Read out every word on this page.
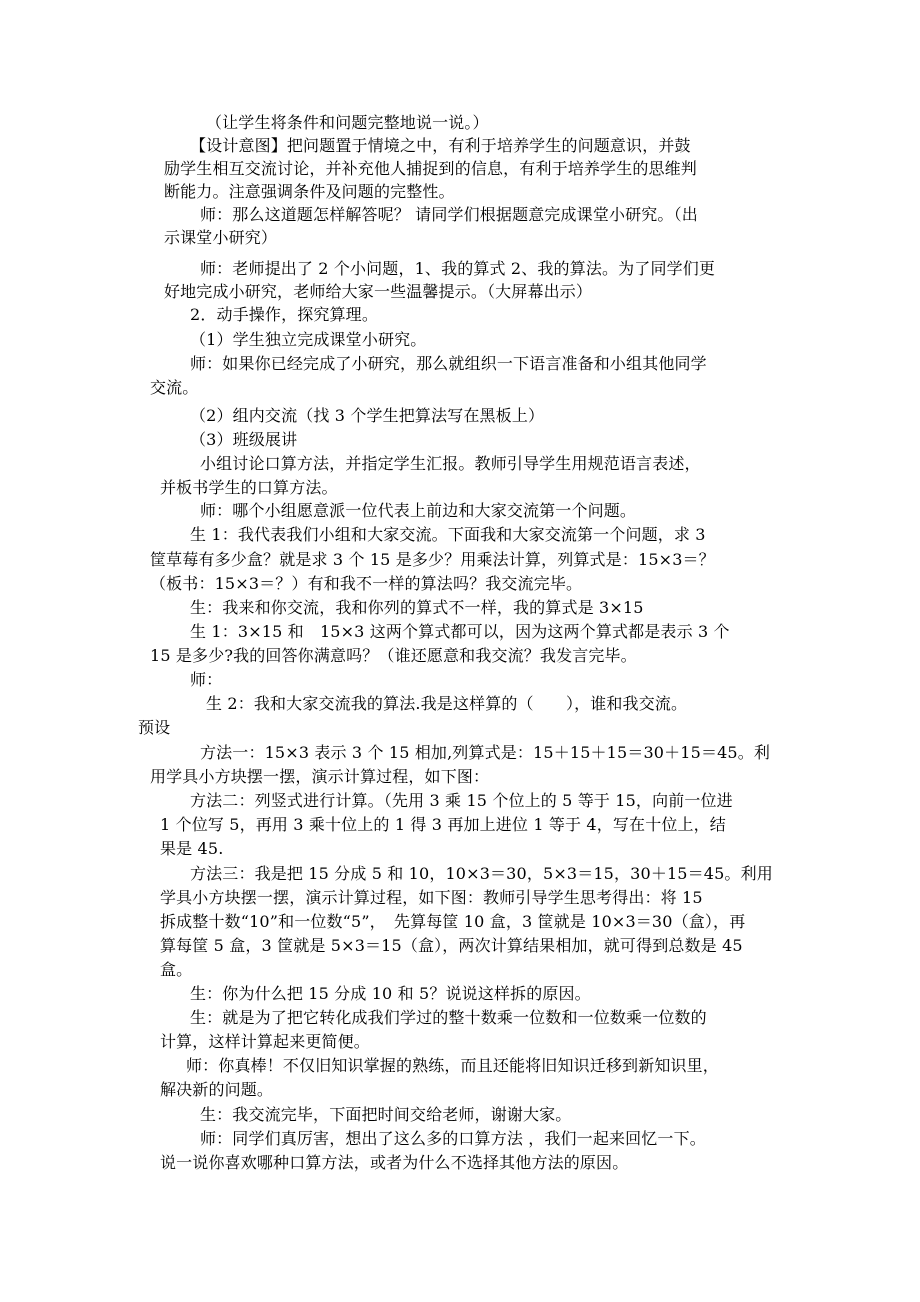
（让学生将条件和问题完整地说一说。）
【设计意图】把问题置于情境之中，有利于培养学生的问题意识，并鼓
励学生相互交流讨论，并补充他人捕捉到的信息，有利于培养学生的思维判
断能力。注意强调条件及问题的完整性。
师：那么这道题怎样解答呢？ 请同学们根据题意完成课堂小研究。（出
示课堂小研究）
师：老师提出了 2 个小问题，1、我的算式 2、我的算法。为了同学们更
好地完成小研究，老师给大家一些温馨提示。（大屏幕出示）
2．动手操作，探究算理。
（1）学生独立完成课堂小研究。
师：如果你已经完成了小研究，那么就组织一下语言准备和小组其他同学
交流。
（2）组内交流（找 3 个学生把算法写在黑板上）
（3）班级展讲
小组讨论口算方法，并指定学生汇报。教师引导学生用规范语言表述，
并板书学生的口算方法。
师：哪个小组愿意派一位代表上前边和大家交流第一个问题。
生 1：我代表我们小组和大家交流。下面我和大家交流第一个问题，求 3
筐草莓有多少盒？就是求 3 个 15 是多少？用乘法计算，列算式是：15×3＝？
（板书：15×3＝？）有和我不一样的算法吗？我交流完毕。
生：我来和你交流，我和你列的算式不一样，我的算式是 3×15
生 1：3×15 和　15×3 这两个算式都可以，因为这两个算式都是表示 3 个
15 是多少?我的回答你满意吗？（谁还愿意和我交流？我发言完毕。
师：
生 2：我和大家交流我的算法.我是这样算的（　　），谁和我交流。
预设
方法一：15×3 表示 3 个 15 相加,列算式是：15＋15＋15＝30＋15＝45。利
用学具小方块摆一摆，演示计算过程，如下图：
方法二：列竖式进行计算。（先用 3 乘 15 个位上的 5 等于 15，向前一位进
1 个位写 5，再用 3 乘十位上的 1 得 3 再加上进位 1 等于 4，写在十位上，结
果是 45.
方法三：我是把 15 分成 5 和 10，10×3＝30，5×3＝15，30＋15＝45。利用
学具小方块摆一摆，演示计算过程，如下图：教师引导学生思考得出：将 15
拆成整十数“10”和一位数“5”，　先算每筐 10 盒，3 筐就是 10×3＝30（盒），再
算每筐 5 盒，3 筐就是 5×3＝15（盒），两次计算结果相加，就可得到总数是 45
盒。
生：你为什么把 15 分成 10 和 5？说说这样拆的原因。
生：就是为了把它转化成我们学过的整十数乘一位数和一位数乘一位数的
计算，这样计算起来更简便。
师：你真棒！不仅旧知识掌握的熟练，而且还能将旧知识迁移到新知识里，
解决新的问题。
生：我交流完毕，下面把时间交给老师，谢谢大家。
师：同学们真厉害，想出了这么多的口算方法 ，我们一起来回忆一下。
说一说你喜欢哪种口算方法，或者为什么不选择其他方法的原因。
